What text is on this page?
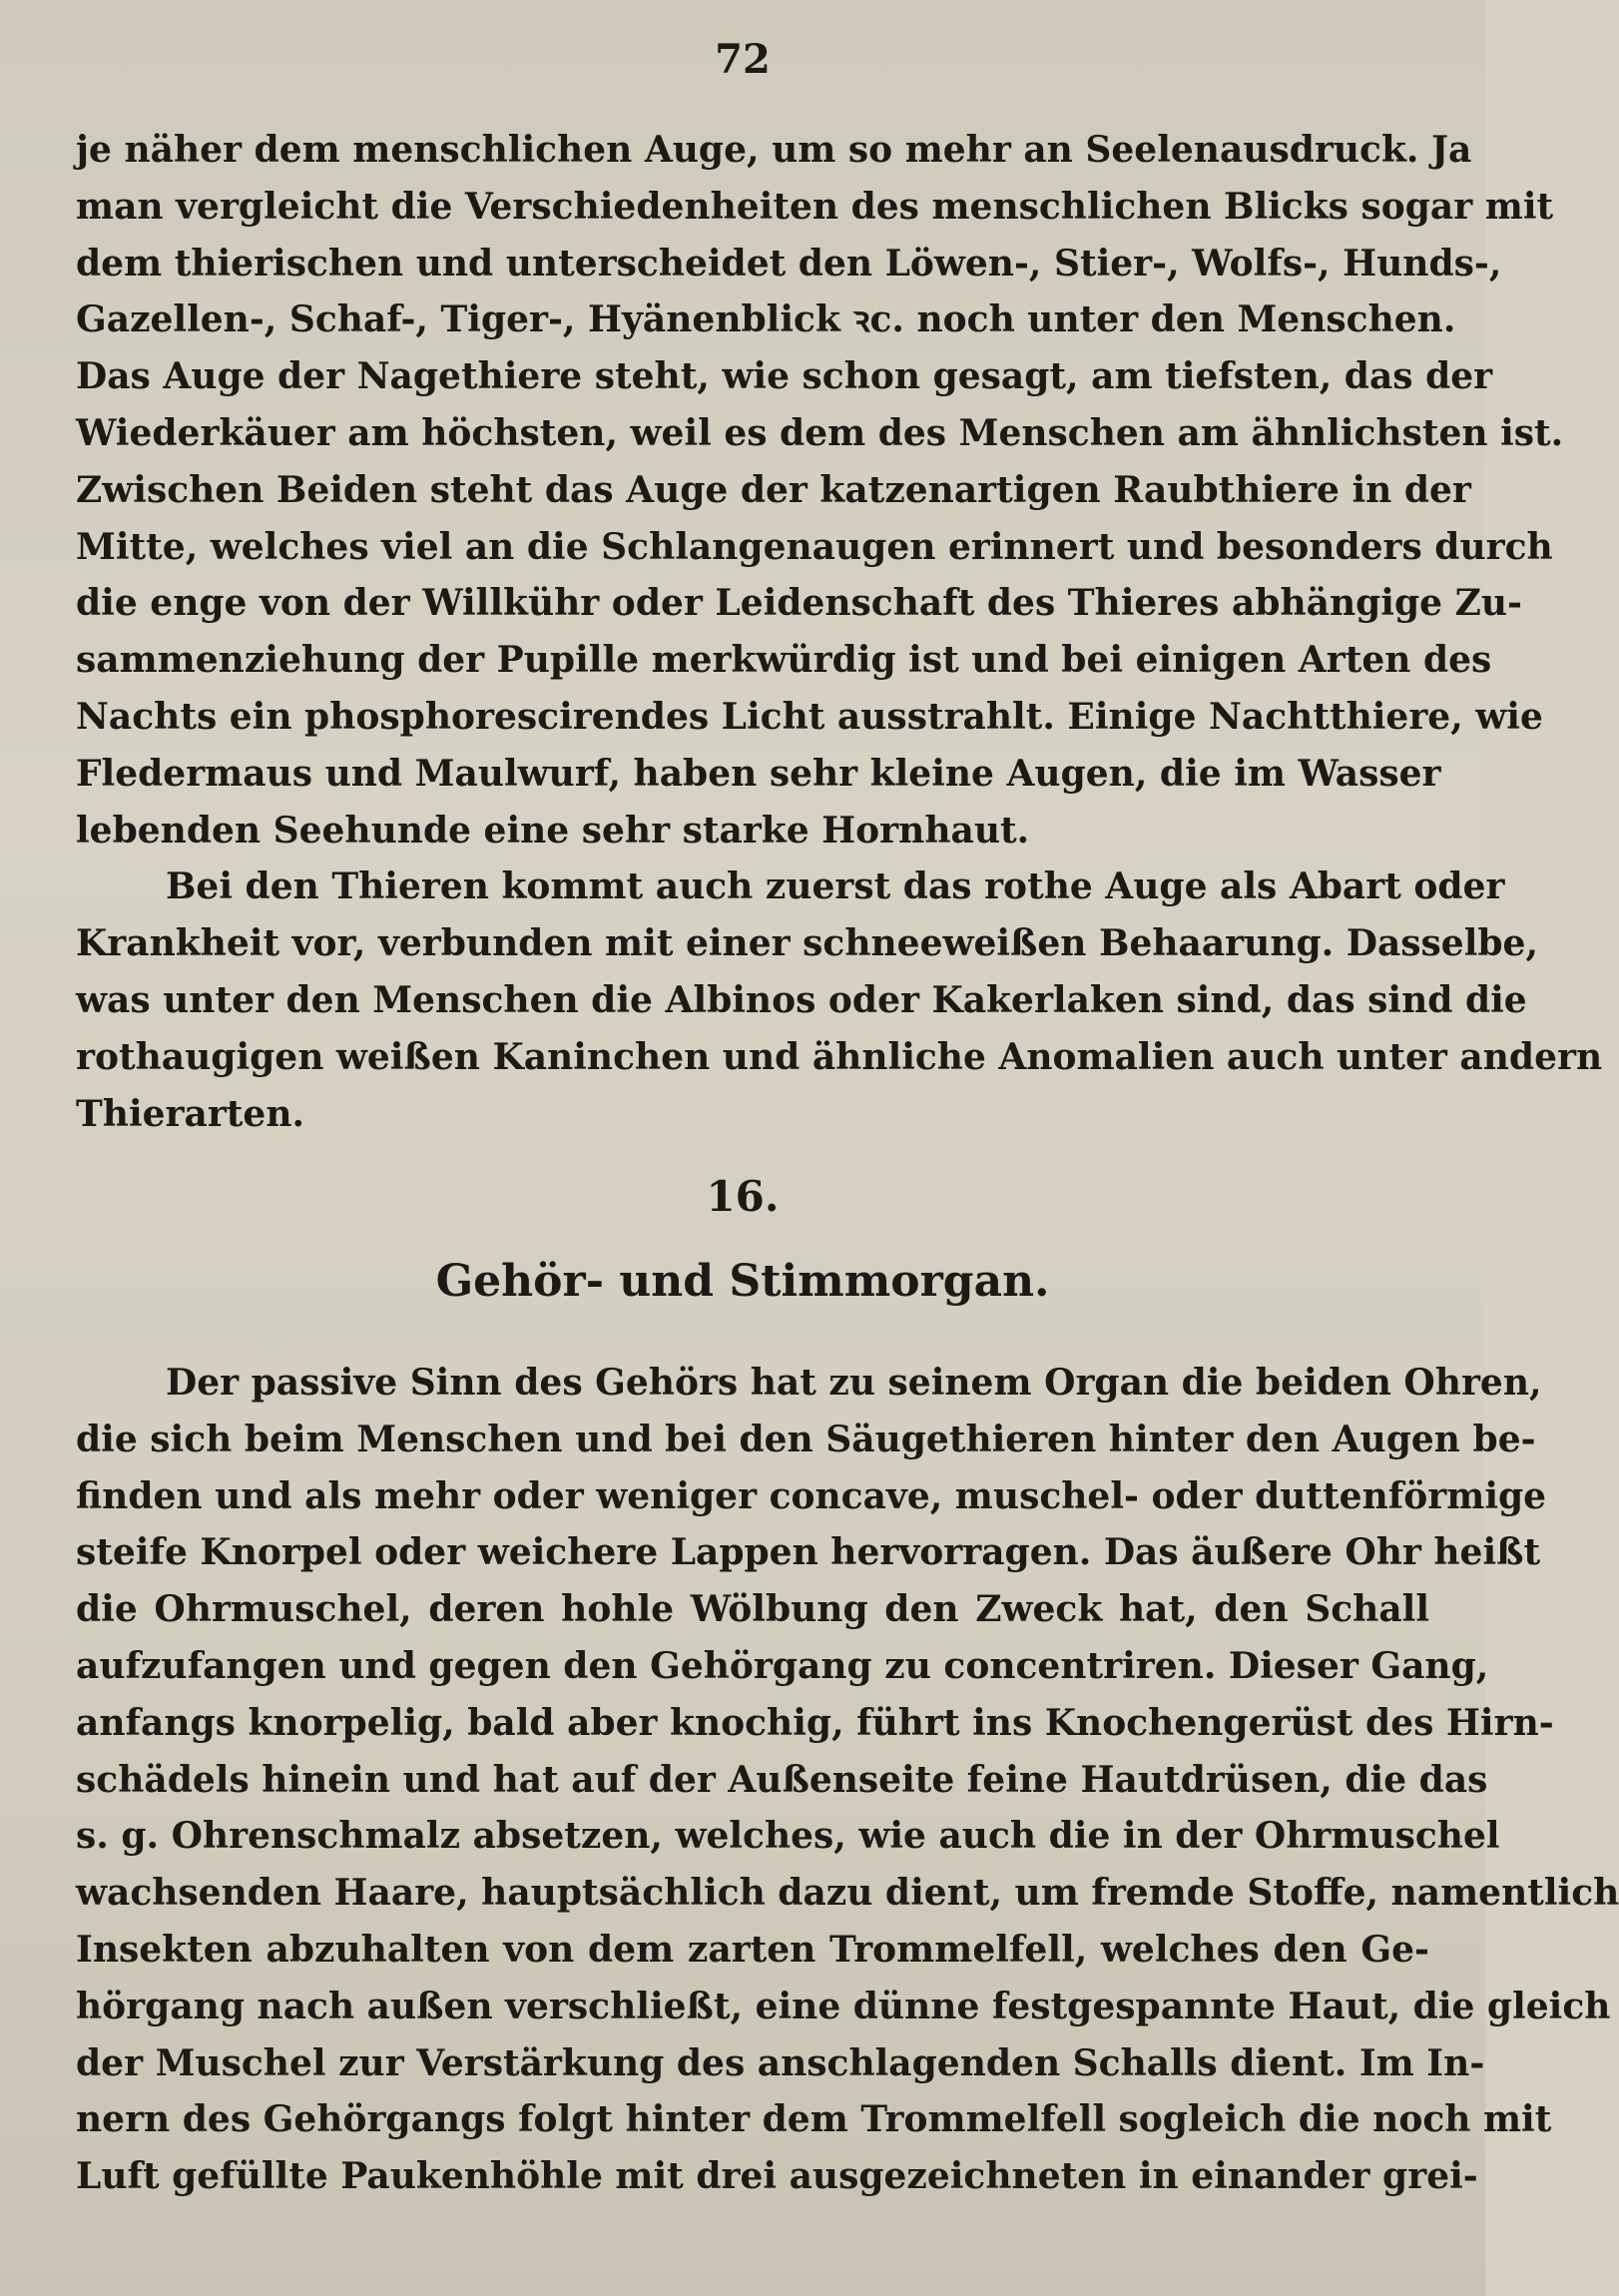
72
je näher dem menschlichen Auge, um so mehr an Seelenausdruck. Ja
man vergleicht die Verschiedenheiten des menschlichen Blicks sogar mit
dem thierischen und unterscheidet den Löwen-, Stier-, Wolfs-, Hunds-,
Gazellen-, Schaf-, Tiger-, Hyänenblick ꝛc. noch unter den Menschen.
Das Auge der Nagethiere steht, wie schon gesagt, am tiefsten, das der
Wiederkäuer am höchsten, weil es dem des Menschen am ähnlichsten ist.
Zwischen Beiden steht das Auge der katzenartigen Raubthiere in der
Mitte, welches viel an die Schlangenaugen erinnert und besonders durch
die enge von der Willkühr oder Leidenschaft des Thieres abhängige Zu-
sammenziehung der Pupille merkwürdig ist und bei einigen Arten des
Nachts ein phosphorescirendes Licht ausstrahlt. Einige Nachtthiere, wie
Fledermaus und Maulwurf, haben sehr kleine Augen, die im Wasser
lebenden Seehunde eine sehr starke Hornhaut.
Bei den Thieren kommt auch zuerst das rothe Auge als Abart oder
Krankheit vor, verbunden mit einer schneeweißen Behaarung. Dasselbe,
was unter den Menschen die Albinos oder Kakerlaken sind, das sind die
rothaugigen weißen Kaninchen und ähnliche Anomalien auch unter andern
Thierarten.
16.
Gehör- und Stimmorgan.
Der passive Sinn des Gehörs hat zu seinem Organ die beiden Ohren,
die sich beim Menschen und bei den Säugethieren hinter den Augen be-
finden und als mehr oder weniger concave, muschel- oder duttenförmige
steife Knorpel oder weichere Lappen hervorragen. Das äußere Ohr heißt
die Ohrmuschel, deren hohle Wölbung den Zweck hat, den Schall
aufzufangen und gegen den Gehörgang zu concentriren. Dieser Gang,
anfangs knorpelig, bald aber knochig, führt ins Knochengerüst des Hirn-
schädels hinein und hat auf der Außenseite feine Hautdrüsen, die das
s. g. Ohrenschmalz absetzen, welches, wie auch die in der Ohrmuschel
wachsenden Haare, hauptsächlich dazu dient, um fremde Stoffe, namentlich
Insekten abzuhalten von dem zarten Trommelfell, welches den Ge-
hörgang nach außen verschließt, eine dünne festgespannte Haut, die gleich
der Muschel zur Verstärkung des anschlagenden Schalls dient. Im In-
nern des Gehörgangs folgt hinter dem Trommelfell sogleich die noch mit
Luft gefüllte Paukenhöhle mit drei ausgezeichneten in einander grei-
